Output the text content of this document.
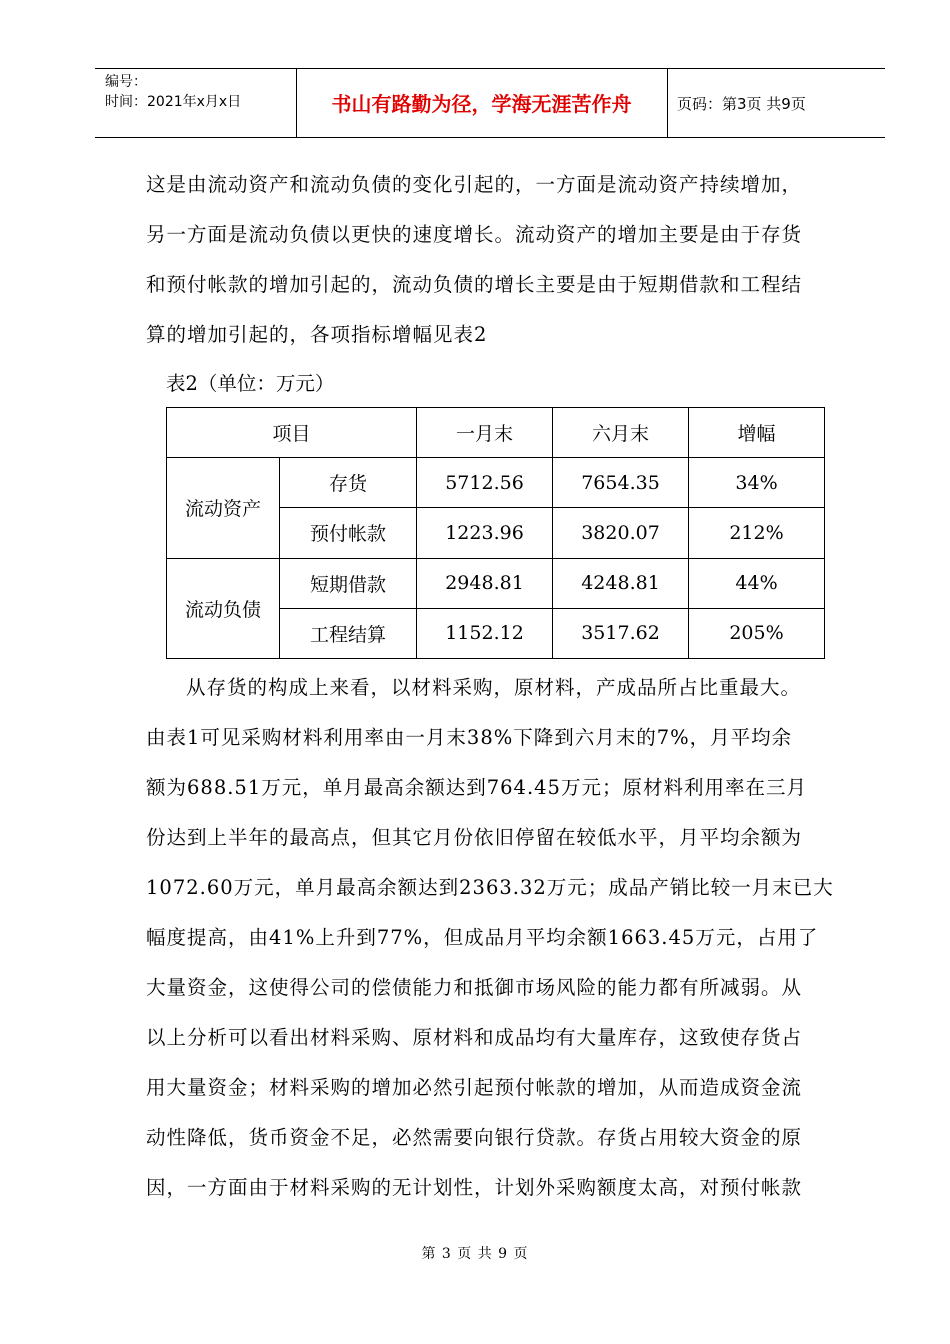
编号：
时间：2021年x月x日	书山有路勤为径，学海无涯苦作舟	页码：第3页 共9页
这是由流动资产和流动负债的变化引起的，一方面是流动资产持续增加，
另一方面是流动负债以更快的速度增长。流动资产的增加主要是由于存货
和预付帐款的增加引起的，流动负债的增长主要是由于短期借款和工程结
算的增加引起的，各项指标增幅见表2
表2（单位：万元）
项目		一月末	六月末	增幅
流动资产	存货	5712.56	7654.35	34%
	预付帐款	1223.96	3820.07	212%
流动负债	短期借款	2948.81	4248.81	44%
	工程结算	1152.12	3517.62	205%
从存货的构成上来看，以材料采购，原材料，产成品所占比重最大。
由表1可见采购材料利用率由一月末38%下降到六月末的7%，月平均余
额为688.51万元，单月最高余额达到764.45万元；原材料利用率在三月
份达到上半年的最高点，但其它月份依旧停留在较低水平，月平均余额为
1072.60万元，单月最高余额达到2363.32万元；成品产销比较一月末已大
幅度提高，由41%上升到77%，但成品月平均余额1663.45万元，占用了
大量资金，这使得公司的偿债能力和抵御市场风险的能力都有所减弱。从
以上分析可以看出材料采购、原材料和成品均有大量库存，这致使存货占
用大量资金；材料采购的增加必然引起预付帐款的增加，从而造成资金流
动性降低，货币资金不足，必然需要向银行贷款。存货占用较大资金的原
因，一方面由于材料采购的无计划性，计划外采购额度太高，对预付帐款
第 3 页 共 9 页
